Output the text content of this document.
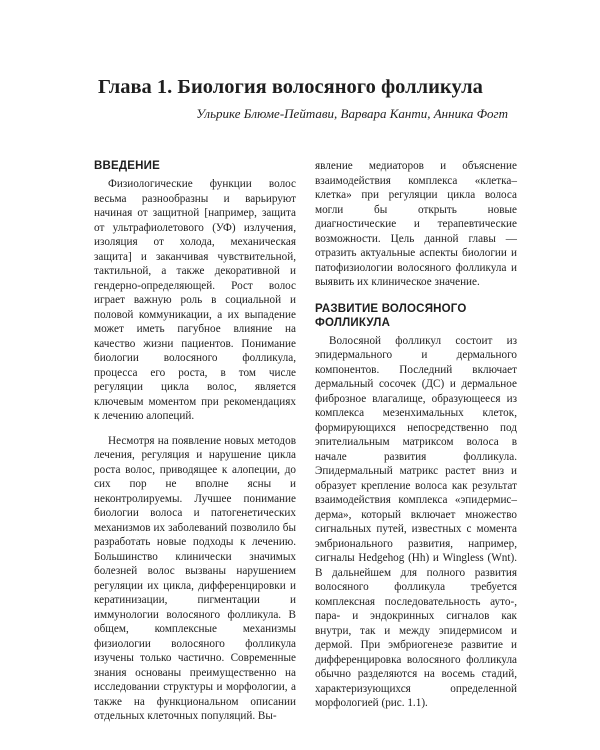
Глава 1. Биология волосяного фолликула

Ульрике Блюме-Пейтави, Варвара Канти, Анника Фогт

ВВЕДЕНИЕ

Физиологические функции волос весьма разнообразны и варьируют начиная от защитной [например, защита от ультрафиолетового (УФ) излучения, изоляция от холода, механическая защита] и заканчивая чувствительной, тактильной, а также декоративной и гендерно-определяющей. Рост волос играет важную роль в социальной и половой коммуникации, а их выпадение может иметь пагубное влияние на качество жизни пациентов. Понимание биологии волосяного фолликула, процесса его роста, в том числе регуляции цикла волос, является ключевым моментом при рекомендациях к лечению алопеций.

Несмотря на появление новых методов лечения, регуляция и нарушение цикла роста волос, приводящее к алопеции, до сих пор не вполне ясны и неконтролируемы. Лучшее понимание биологии волоса и патогенетических механизмов их заболеваний позволило бы разработать новые подходы к лечению. Большинство клинически значимых болезней волос вызваны нарушением регуляции их цикла, дифференцировки и кератинизации, пигментации и иммунологии волосяного фолликула. В общем, комплексные механизмы физиологии волосяного фолликула изучены только частично. Современные знания основаны преимущественно на исследовании структуры и морфологии, а также на функциональном описании отдельных клеточных популяций. Вы-

явление медиаторов и объяснение взаимодействия комплекса «клетка–клетка» при регуляции цикла волоса могли бы открыть новые диагностические и терапевтические возможности. Цель данной главы — отразить актуальные аспекты биологии и патофизиологии волосяного фолликула и выявить их клиническое значение.

РАЗВИТИЕ ВОЛОСЯНОГО
ФОЛЛИКУЛА

Волосяной фолликул состоит из эпидермального и дермального компонентов. Последний включает дермальный сосочек (ДС) и дермальное фиброзное влагалище, образующееся из комплекса мезенхимальных клеток, формирующихся непосредственно под эпителиальным матриксом волоса в начале развития фолликула. Эпидермальный матрикс растет вниз и образует крепление волоса как результат взаимодействия комплекса «эпидермис–дерма», который включает множество сигнальных путей, известных с момента эмбрионального развития, например, сигналы Hedgehog (Hh) и Wingless (Wnt). В дальнейшем для полного развития волосяного фолликула требуется комплексная последовательность ауто-, пара- и эндокринных сигналов как внутри, так и между эпидермисом и дермой. При эмбриогенезе развитие и дифференцировка волосяного фолликула обычно разделяются на восемь стадий, характеризующихся определенной морфологией (рис. 1.1).
